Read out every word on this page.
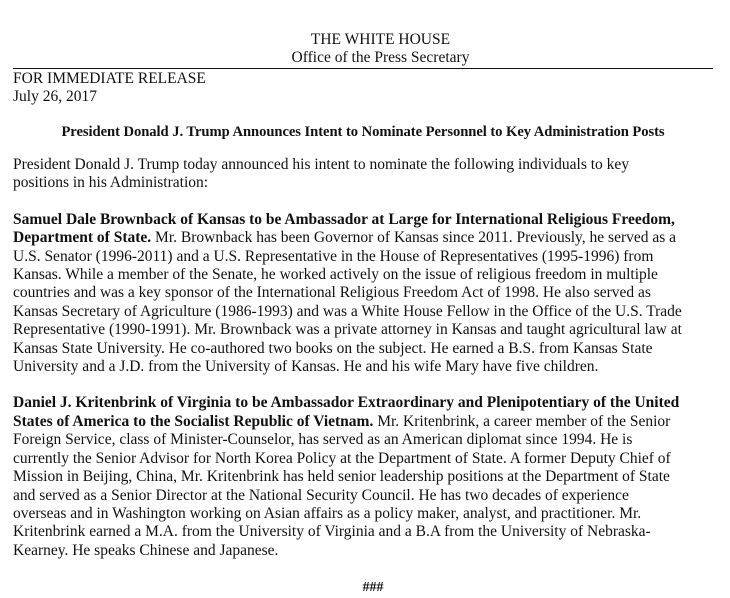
THE WHITE HOUSE
Office of the Press Secretary
FOR IMMEDIATE RELEASE
July 26, 2017
President Donald J. Trump Announces Intent to Nominate Personnel to Key Administration Posts

President Donald J. Trump today announced his intent to nominate the following individuals to key
positions in his Administration:

Samuel Dale Brownback of Kansas to be Ambassador at Large for International Religious Freedom,
Department of State. Mr. Brownback has been Governor of Kansas since 2011. Previously, he served as a
U.S. Senator (1996-2011) and a U.S. Representative in the House of Representatives (1995-1996) from
Kansas. While a member of the Senate, he worked actively on the issue of religious freedom in multiple
countries and was a key sponsor of the International Religious Freedom Act of 1998. He also served as
Kansas Secretary of Agriculture (1986-1993) and was a White House Fellow in the Office of the U.S. Trade
Representative (1990-1991). Mr. Brownback was a private attorney in Kansas and taught agricultural law at
Kansas State University. He co-authored two books on the subject. He earned a B.S. from Kansas State
University and a J.D. from the University of Kansas. He and his wife Mary have five children.

Daniel J. Kritenbrink of Virginia to be Ambassador Extraordinary and Plenipotentiary of the United
States of America to the Socialist Republic of Vietnam. Mr. Kritenbrink, a career member of the Senior
Foreign Service, class of Minister-Counselor, has served as an American diplomat since 1994. He is
currently the Senior Advisor for North Korea Policy at the Department of State. A former Deputy Chief of
Mission in Beijing, China, Mr. Kritenbrink has held senior leadership positions at the Department of State
and served as a Senior Director at the National Security Council. He has two decades of experience
overseas and in Washington working on Asian affairs as a policy maker, analyst, and practitioner. Mr.
Kritenbrink earned a M.A. from the University of Virginia and a B.A from the University of Nebraska-
Kearney. He speaks Chinese and Japanese.

###
